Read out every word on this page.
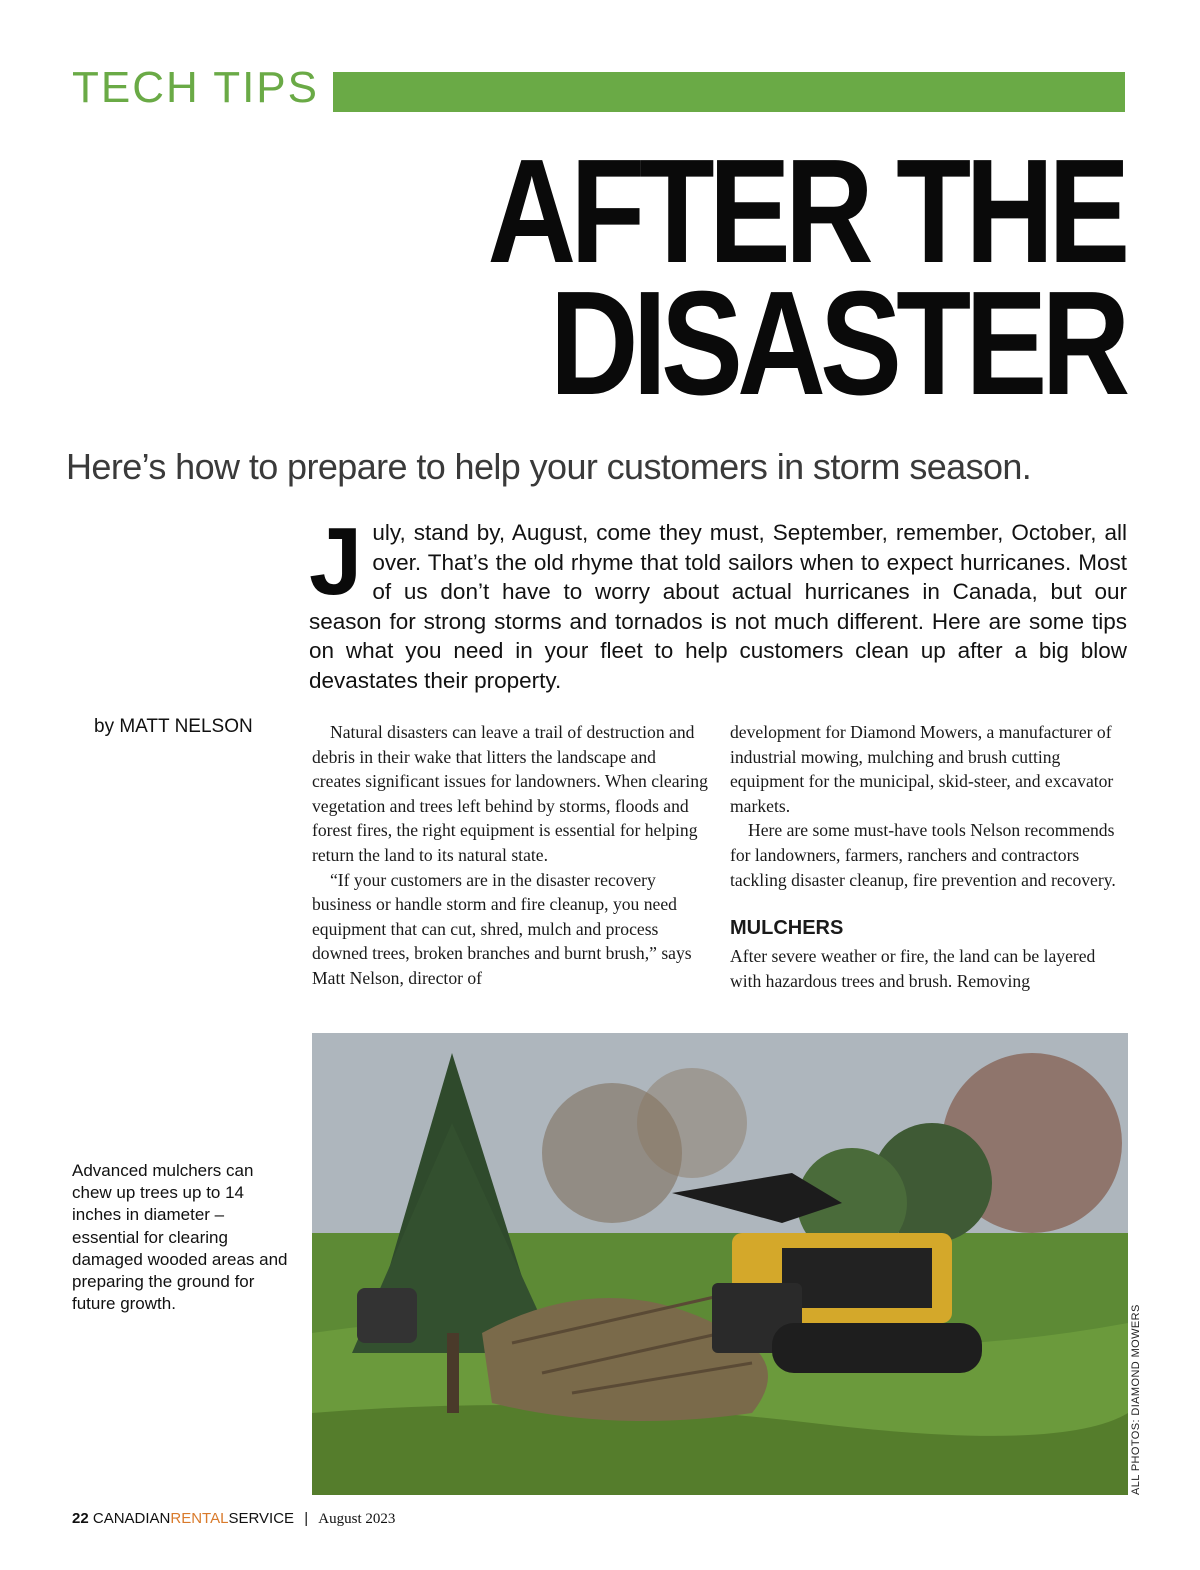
TECH TIPS
AFTER THE
DISASTER
Here’s how to prepare to help your customers in storm season.
July, stand by, August, come they must, September, remember, October, all over. That’s the old rhyme that told sailors when to expect hurricanes. Most of us don’t have to worry about actual hurricanes in Canada, but our season for strong storms and tornados is not much different. Here are some tips on what you need in your fleet to help customers clean up after a big blow devastates their property.
by MATT NELSON	Natural disasters can leave a trail of destruction and debris in their wake that litters the landscape and creates significant issues for landowners. When clearing vegetation and trees left behind by storms, floods and forest fires, the right equipment is essential for helping return the land to its natural state.

“If your customers are in the disaster recovery business or handle storm and fire cleanup, you need equipment that can cut, shred, mulch and process downed trees, broken branches and burnt brush,” says Matt Nelson, director of

development for Diamond Mowers, a manufacturer of industrial mowing, mulching and brush cutting equipment for the municipal, skid-steer, and excavator markets.

Here are some must-have tools Nelson recommends for landowners, farmers, ranchers and contractors tackling disaster cleanup, fire prevention and recovery.

MULCHERS

After severe weather or fire, the land can be layered with hazardous trees and brush. Removing

Advanced mulchers can chew up trees up to 14 inches in diameter – essential for clearing damaged wooded areas and preparing the ground for future growth.
ALL PHOTOS: DIAMOND MOWERS
22 CANADIANRENTALSERVICE | August 2023
